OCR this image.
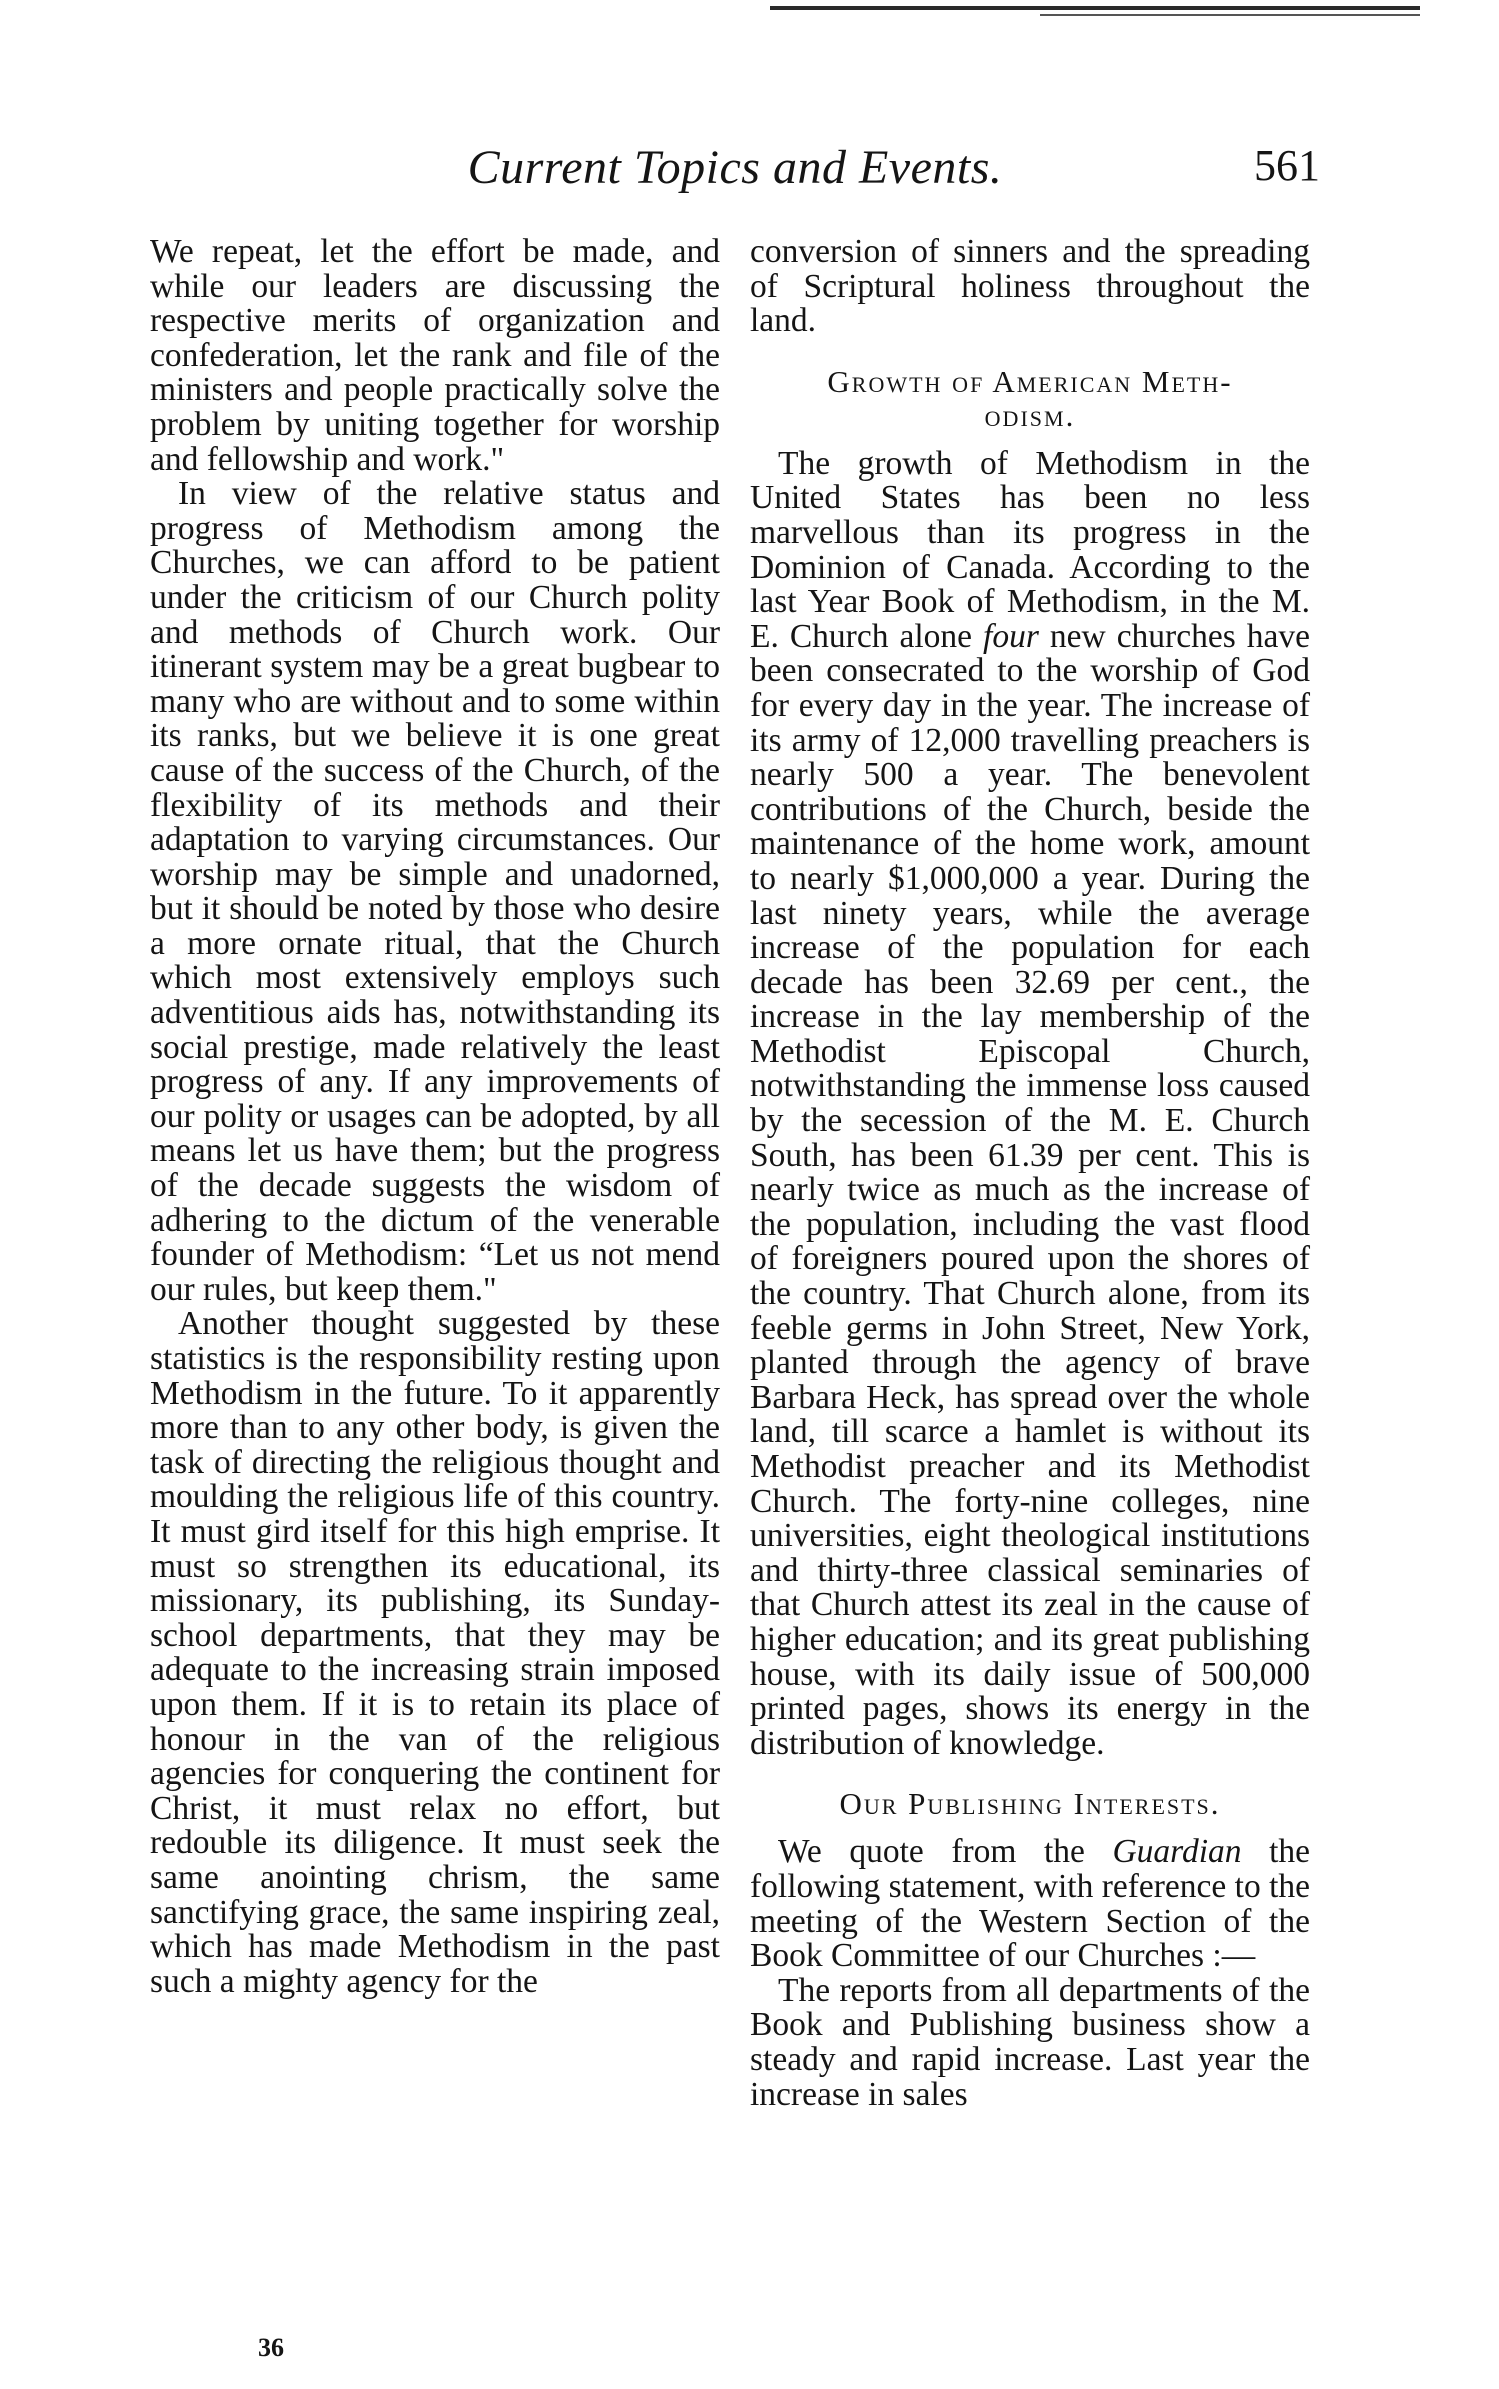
Current Topics and Events.	561

We repeat, let the effort be made, and while our leaders are discussing the respective merits of organization and confederation, let the rank and file of the ministers and people practically solve the problem by uniting together for worship and fellowship and work."

In view of the relative status and progress of Methodism among the Churches, we can afford to be patient under the criticism of our Church polity and methods of Church work. Our itinerant system may be a great bugbear to many who are without and to some within its ranks, but we believe it is one great cause of the success of the Church, of the flexibility of its methods and their adaptation to varying circumstances. Our worship may be simple and unadorned, but it should be noted by those who desire a more ornate ritual, that the Church which most extensively employs such adventitious aids has, notwithstanding its social prestige, made relatively the least progress of any. If any improvements of our polity or usages can be adopted, by all means let us have them; but the progress of the decade suggests the wisdom of adhering to the dictum of the venerable founder of Methodism: “Let us not mend our rules, but keep them."

Another thought suggested by these statistics is the responsibility resting upon Methodism in the future. To it apparently more than to any other body, is given the task of directing the religious thought and moulding the religious life of this country. It must gird itself for this high emprise. It must so strengthen its educational, its missionary, its publishing, its Sunday-school departments, that they may be adequate to the increasing strain imposed upon them. If it is to retain its place of honour in the van of the religious agencies for conquering the continent for Christ, it must relax no effort, but redouble its diligence. It must seek the same anointing chrism, the same sanctifying grace, the same inspiring zeal, which has made Methodism in the past such a mighty agency for the

conversion of sinners and the spreading of Scriptural holiness throughout the land.

Growth of American Meth-
odism.

The growth of Methodism in the United States has been no less marvellous than its progress in the Dominion of Canada. According to the last Year Book of Methodism, in the M. E. Church alone four new churches have been consecrated to the worship of God for every day in the year. The increase of its army of 12,000 travelling preachers is nearly 500 a year. The benevolent contributions of the Church, beside the maintenance of the home work, amount to nearly $1,000,000 a year. During the last ninety years, while the average increase of the population for each decade has been 32.69 per cent., the increase in the lay membership of the Methodist Episcopal Church, notwithstanding the immense loss caused by the secession of the M. E. Church South, has been 61.39 per cent. This is nearly twice as much as the increase of the population, including the vast flood of foreigners poured upon the shores of the country. That Church alone, from its feeble germs in John Street, New York, planted through the agency of brave Barbara Heck, has spread over the whole land, till scarce a hamlet is without its Methodist preacher and its Methodist Church. The forty-nine colleges, nine universities, eight theological institutions and thirty-three classical seminaries of that Church attest its zeal in the cause of higher education; and its great publishing house, with its daily issue of 500,000 printed pages, shows its energy in the distribution of knowledge.

Our Publishing Interests.

We quote from the Guardian the following statement, with reference to the meeting of the Western Section of the Book Committee of our Churches :—

The reports from all departments of the Book and Publishing business show a steady and rapid increase. Last year the increase in sales

36
